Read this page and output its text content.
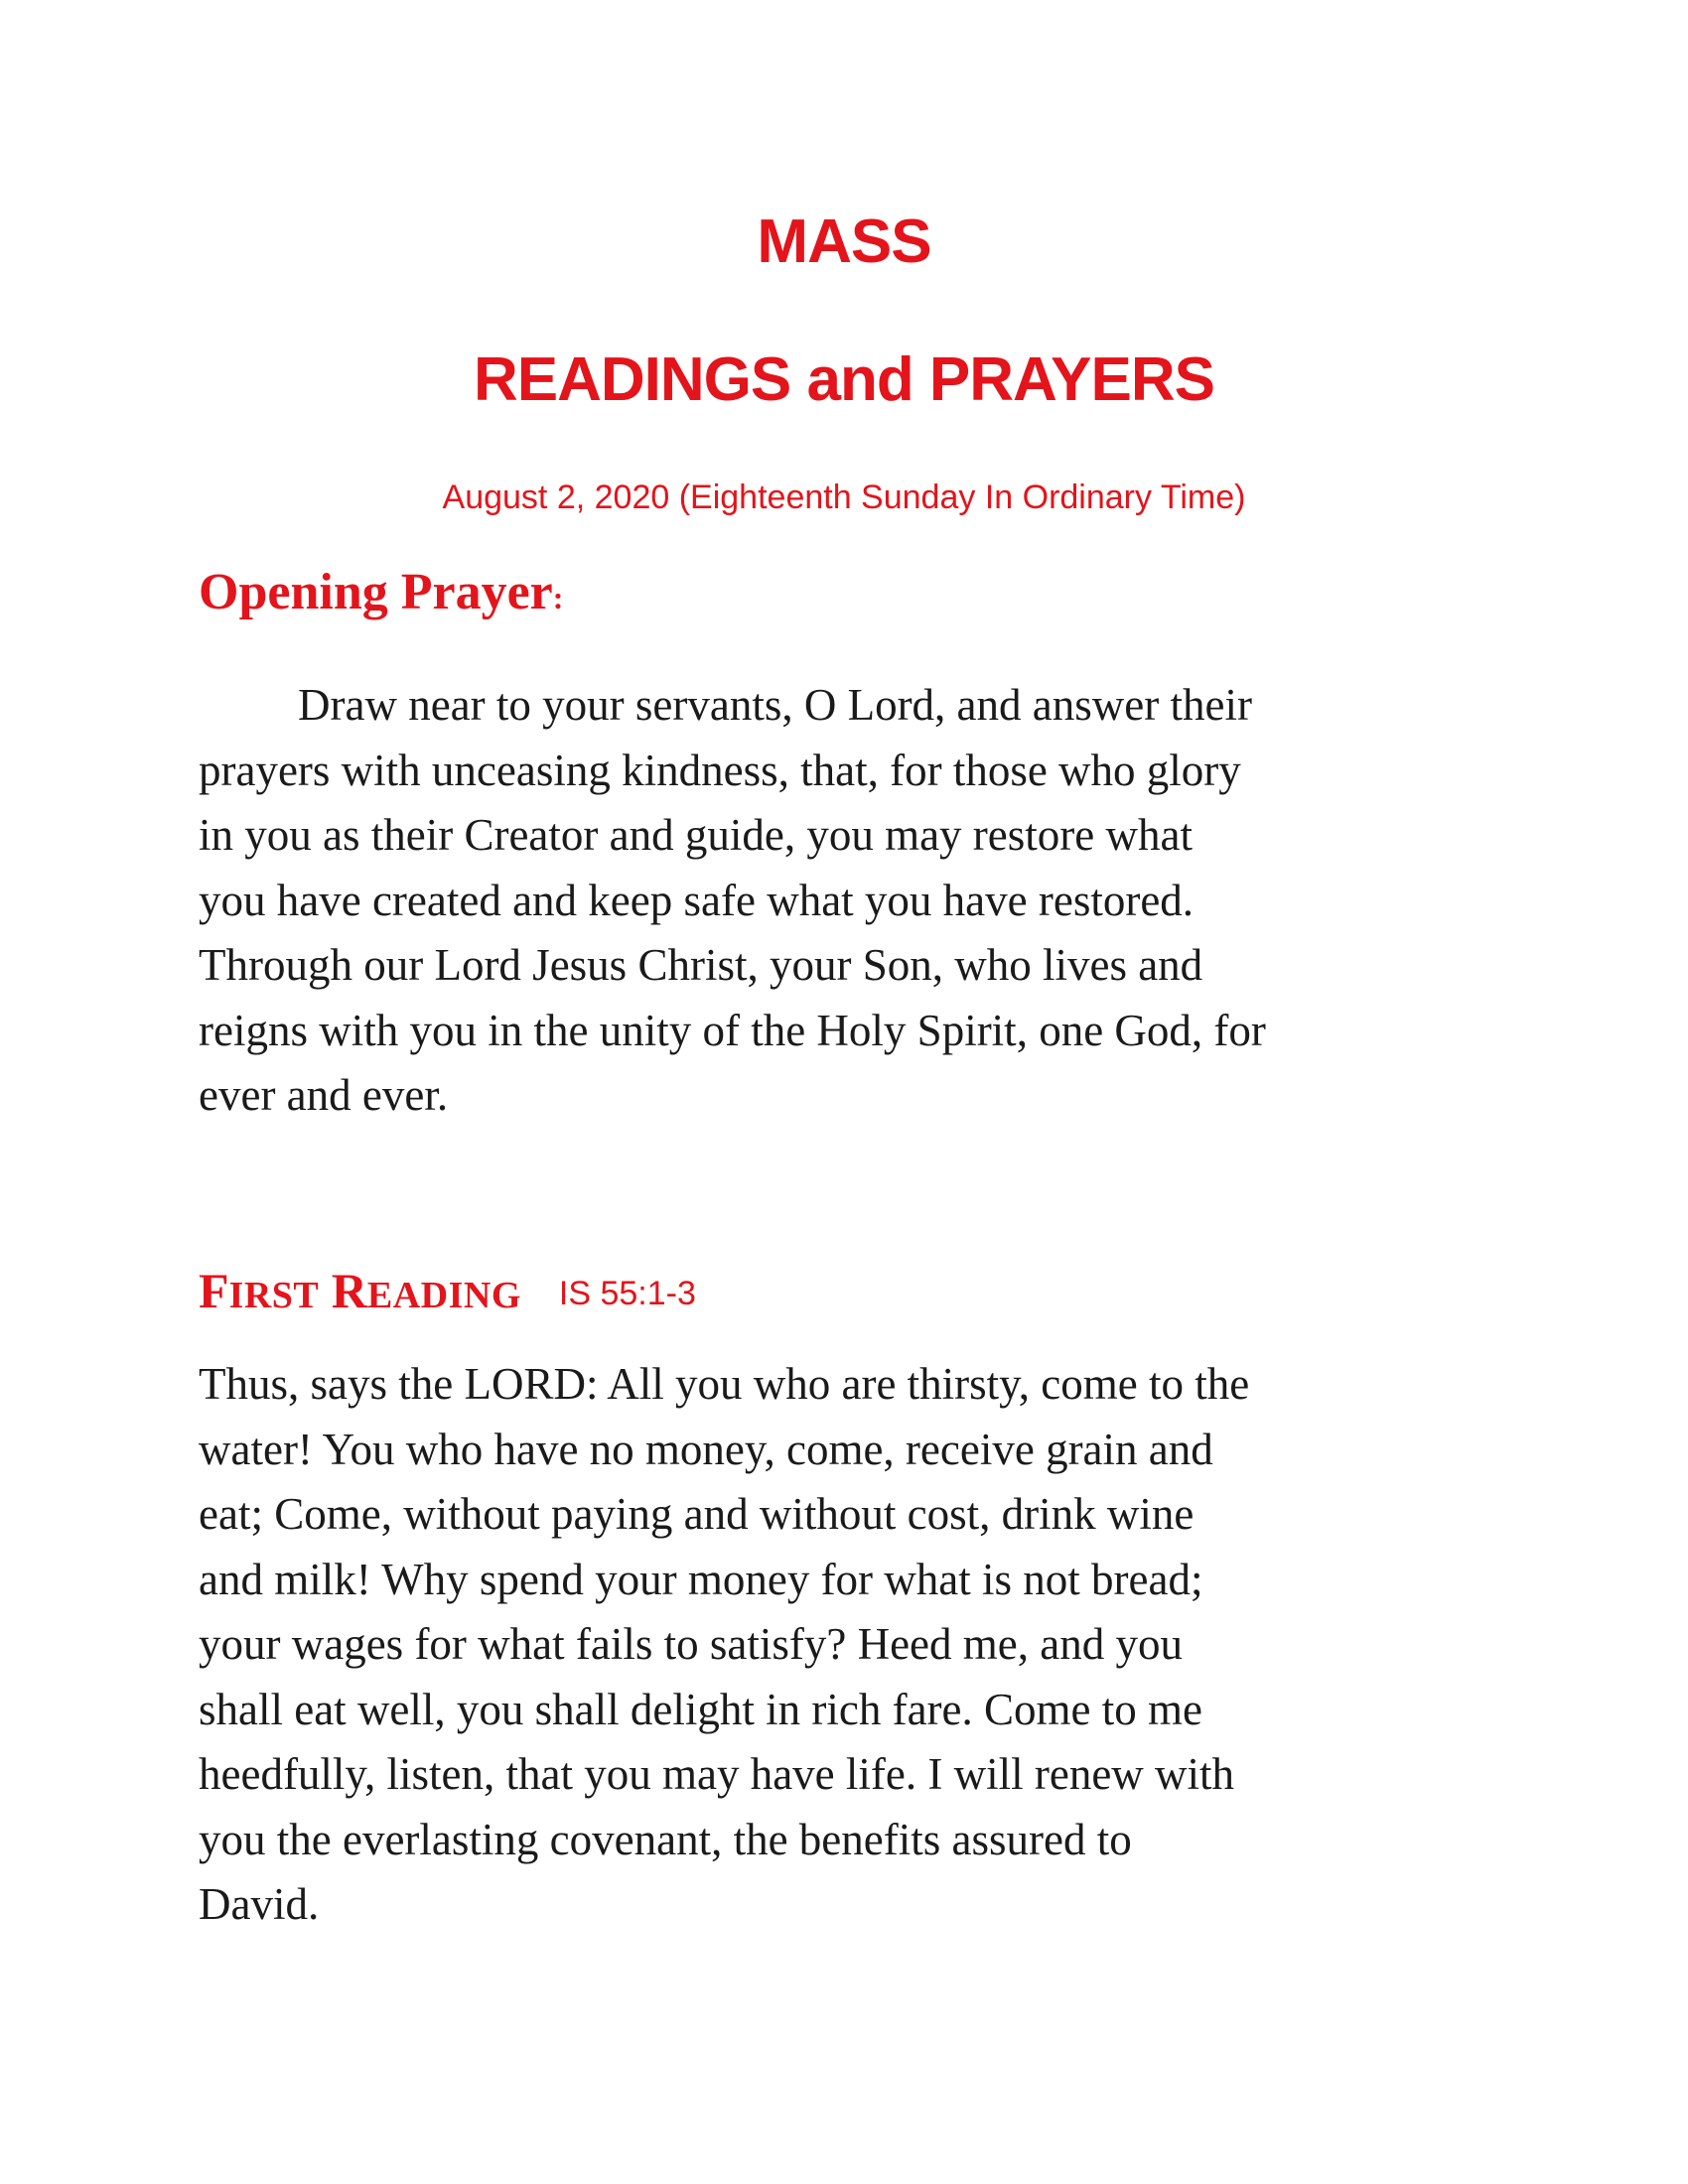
MASS
READINGS and PRAYERS
August 2, 2020 (Eighteenth Sunday In Ordinary Time)
Opening Prayer:
Draw near to your servants, O Lord, and answer their
prayers with unceasing kindness, that, for those who glory
in you as their Creator and guide, you may restore what
you have created and keep safe what you have restored.
Through our Lord Jesus Christ, your Son, who lives and
reigns with you in the unity of the Holy Spirit, one God, for
ever and ever.
FIRST READING IS 55:1-3
Thus, says the LORD: All you who are thirsty, come to the
water! You who have no money, come, receive grain and
eat; Come, without paying and without cost, drink wine
and milk! Why spend your money for what is not bread;
your wages for what fails to satisfy? Heed me, and you
shall eat well, you shall delight in rich fare. Come to me
heedfully, listen, that you may have life. I will renew with
you the everlasting covenant, the benefits assured to
David.
